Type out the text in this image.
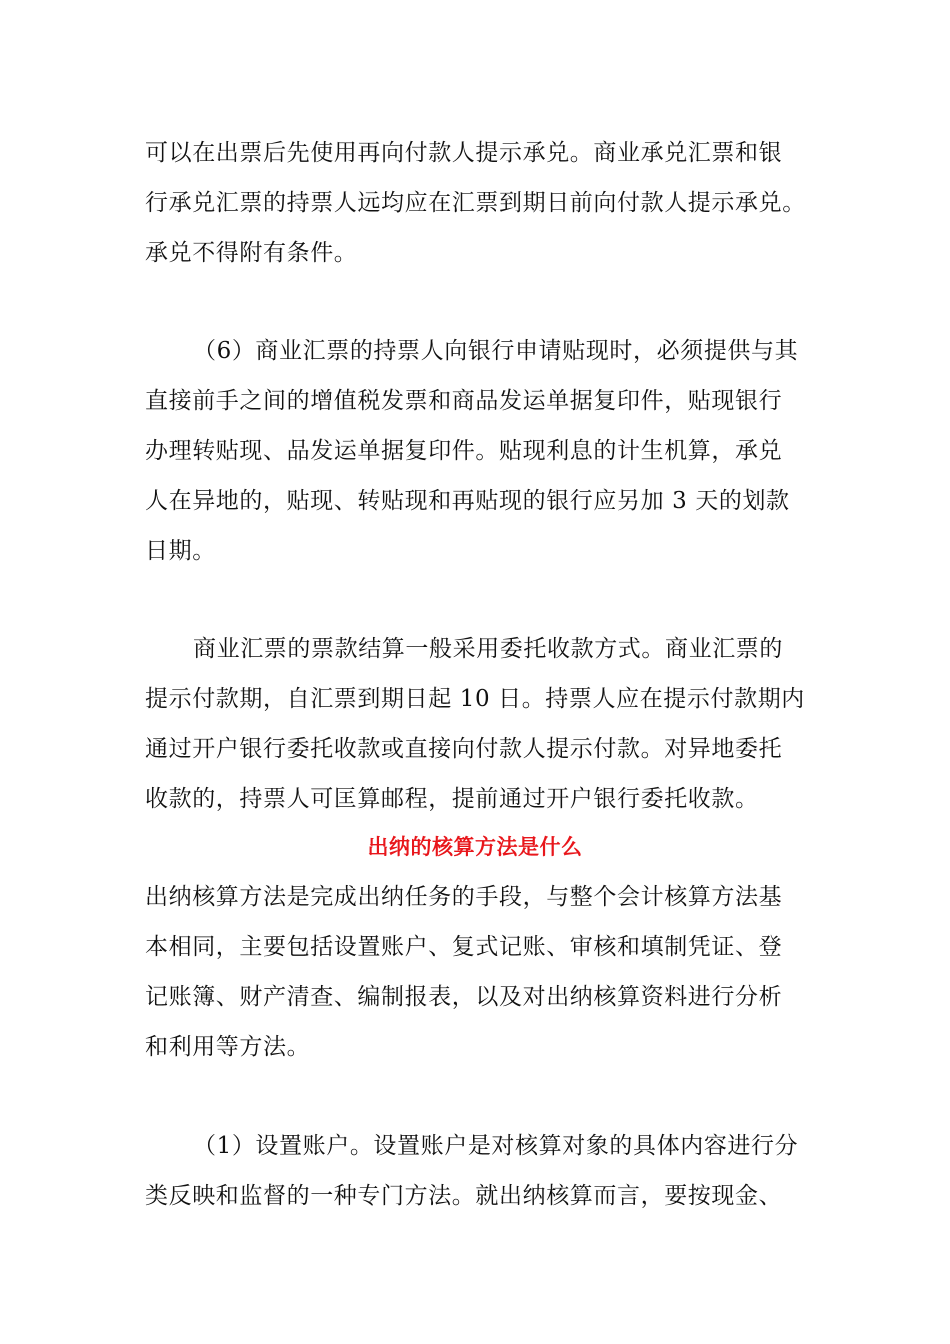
可以在出票后先使用再向付款人提示承兑。商业承兑汇票和银
行承兑汇票的持票人远均应在汇票到期日前向付款人提示承兑。
承兑不得附有条件。
（6）商业汇票的持票人向银行申请贴现时，必须提供与其
直接前手之间的增值税发票和商品发运单据复印件，贴现银行
办理转贴现、品发运单据复印件。贴现利息的计生机算，承兑
人在异地的，贴现、转贴现和再贴现的银行应另加 3 天的划款
日期。
商业汇票的票款结算一般采用委托收款方式。商业汇票的
提示付款期，自汇票到期日起 10 日。持票人应在提示付款期内
通过开户银行委托收款或直接向付款人提示付款。对异地委托
收款的，持票人可匡算邮程，提前通过开户银行委托收款。
出纳的核算方法是什么
出纳核算方法是完成出纳任务的手段，与整个会计核算方法基
本相同，主要包括设置账户、复式记账、审核和填制凭证、登
记账簿、财产清查、编制报表，以及对出纳核算资料进行分析
和利用等方法。
（1）设置账户。设置账户是对核算对象的具体内容进行分
类反映和监督的一种专门方法。就出纳核算而言，要按现金、
